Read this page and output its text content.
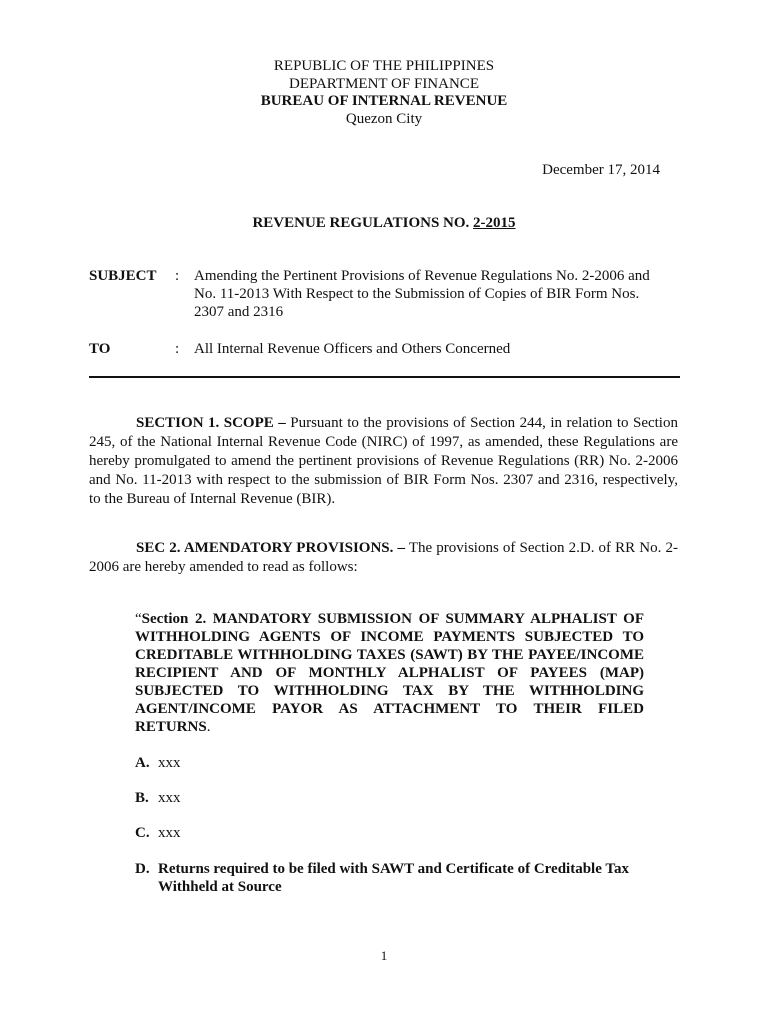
REPUBLIC OF THE PHILIPPINES
DEPARTMENT OF FINANCE
BUREAU OF INTERNAL REVENUE
Quezon City
December 17, 2014
REVENUE REGULATIONS NO. 2-2015
SUBJECT : Amending the Pertinent Provisions of Revenue Regulations No. 2-2006 and No. 11-2013 With Respect to the Submission of Copies of BIR Form Nos. 2307 and 2316
TO	: All Internal Revenue Officers and Others Concerned
SECTION 1. SCOPE – Pursuant to the provisions of Section 244, in relation to Section 245, of the National Internal Revenue Code (NIRC) of 1997, as amended, these Regulations are hereby promulgated to amend the pertinent provisions of Revenue Regulations (RR) No. 2-2006 and No. 11-2013 with respect to the submission of BIR Form Nos. 2307 and 2316, respectively, to the Bureau of Internal Revenue (BIR).
SEC 2. AMENDATORY PROVISIONS. – The provisions of Section 2.D. of RR No. 2-2006 are hereby amended to read as follows:
“Section 2. MANDATORY SUBMISSION OF SUMMARY ALPHALIST OF WITHHOLDING AGENTS OF INCOME PAYMENTS SUBJECTED TO CREDITABLE WITHHOLDING TAXES (SAWT) BY THE PAYEE/INCOME RECIPIENT AND OF MONTHLY ALPHALIST OF PAYEES (MAP) SUBJECTED TO WITHHOLDING TAX BY THE WITHHOLDING AGENT/INCOME PAYOR AS ATTACHMENT TO THEIR FILED RETURNS.
A. xxx
B. xxx
C. xxx
D. Returns required to be filed with SAWT and Certificate of Creditable Tax Withheld at Source
1
